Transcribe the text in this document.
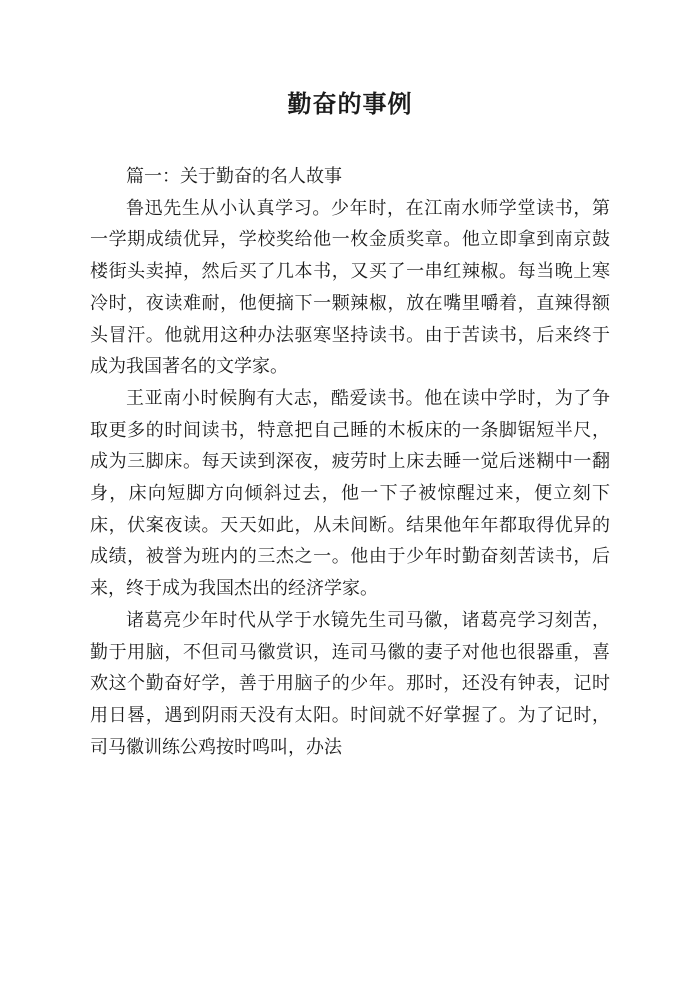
勤奋的事例

篇一：关于勤奋的名人故事

鲁迅先生从小认真学习。少年时，在江南水师学堂读书，第一学期成绩优异，学校奖给他一枚金质奖章。他立即拿到南京鼓楼街头卖掉，然后买了几本书，又买了一串红辣椒。每当晚上寒冷时，夜读难耐，他便摘下一颗辣椒，放在嘴里嚼着，直辣得额头冒汗。他就用这种办法驱寒坚持读书。由于苦读书，后来终于成为我国著名的文学家。

王亚南小时候胸有大志，酷爱读书。他在读中学时，为了争取更多的时间读书，特意把自己睡的木板床的一条脚锯短半尺，成为三脚床。每天读到深夜，疲劳时上床去睡一觉后迷糊中一翻身，床向短脚方向倾斜过去，他一下子被惊醒过来，便立刻下床，伏案夜读。天天如此，从未间断。结果他年年都取得优异的成绩，被誉为班内的三杰之一。他由于少年时勤奋刻苦读书，后来，终于成为我国杰出的经济学家。

诸葛亮少年时代从学于水镜先生司马徽，诸葛亮学习刻苦，勤于用脑，不但司马徽赏识，连司马徽的妻子对他也很器重，喜欢这个勤奋好学，善于用脑子的少年。那时，还没有钟表，记时用日晷，遇到阴雨天没有太阳。时间就不好掌握了。为了记时，司马徽训练公鸡按时鸣叫，办法
